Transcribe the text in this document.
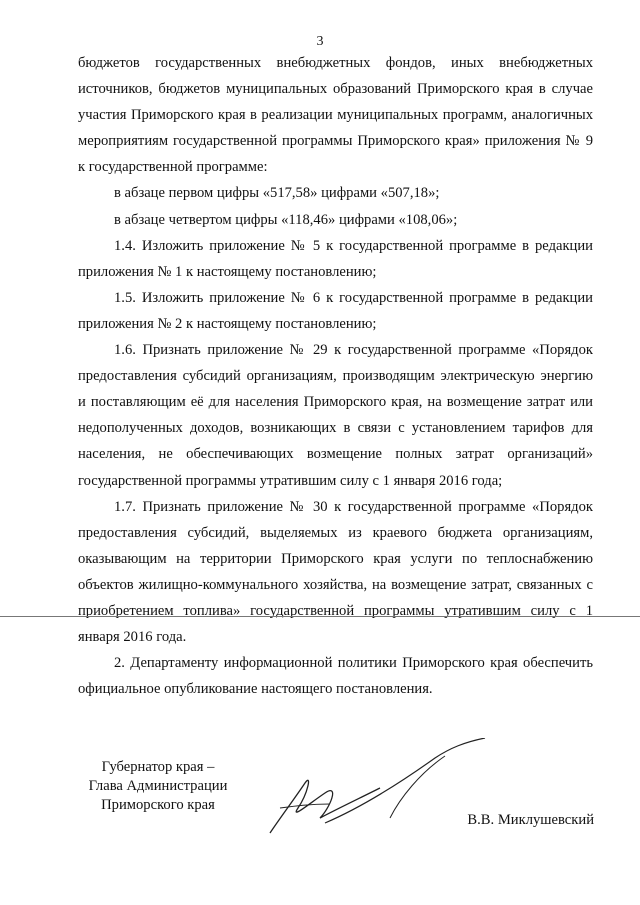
3

бюджетов государственных внебюджетных фондов, иных внебюджетных источников, бюджетов муниципальных образований Приморского края в случае участия Приморского края в реализации муниципальных программ, аналогичных мероприятиям государственной программы Приморского края» приложения № 9 к государственной программе:

в абзаце первом цифры «517,58» цифрами «507,18»;

в абзаце четвертом цифры «118,46» цифрами «108,06»;

1.4. Изложить приложение № 5 к государственной программе в редакции приложения № 1 к настоящему постановлению;

1.5. Изложить приложение № 6 к государственной программе в редакции приложения № 2 к настоящему постановлению;

1.6. Признать приложение № 29 к государственной программе «Порядок предоставления субсидий организациям, производящим электрическую энергию и поставляющим её для населения Приморского края, на возмещение затрат или недополученных доходов, возникающих в связи с установлением тарифов для населения, не обеспечивающих возмещение полных затрат организаций» государственной программы утратившим силу с 1 января 2016 года;

1.7. Признать приложение № 30 к государственной программе «Порядок предоставления субсидий, выделяемых из краевого бюджета организациям, оказывающим на территории Приморского края услуги по теплоснабжению объектов жилищно-коммунального хозяйства, на возмещение затрат, связанных с приобретением топлива» государственной программы утратившим силу с 1 января 2016 года.

2. Департаменту информационной политики Приморского края обеспечить официальное опубликование настоящего постановления.

Губернатор края –
Глава Администрации
Приморского края
В.В. Миклушевский
